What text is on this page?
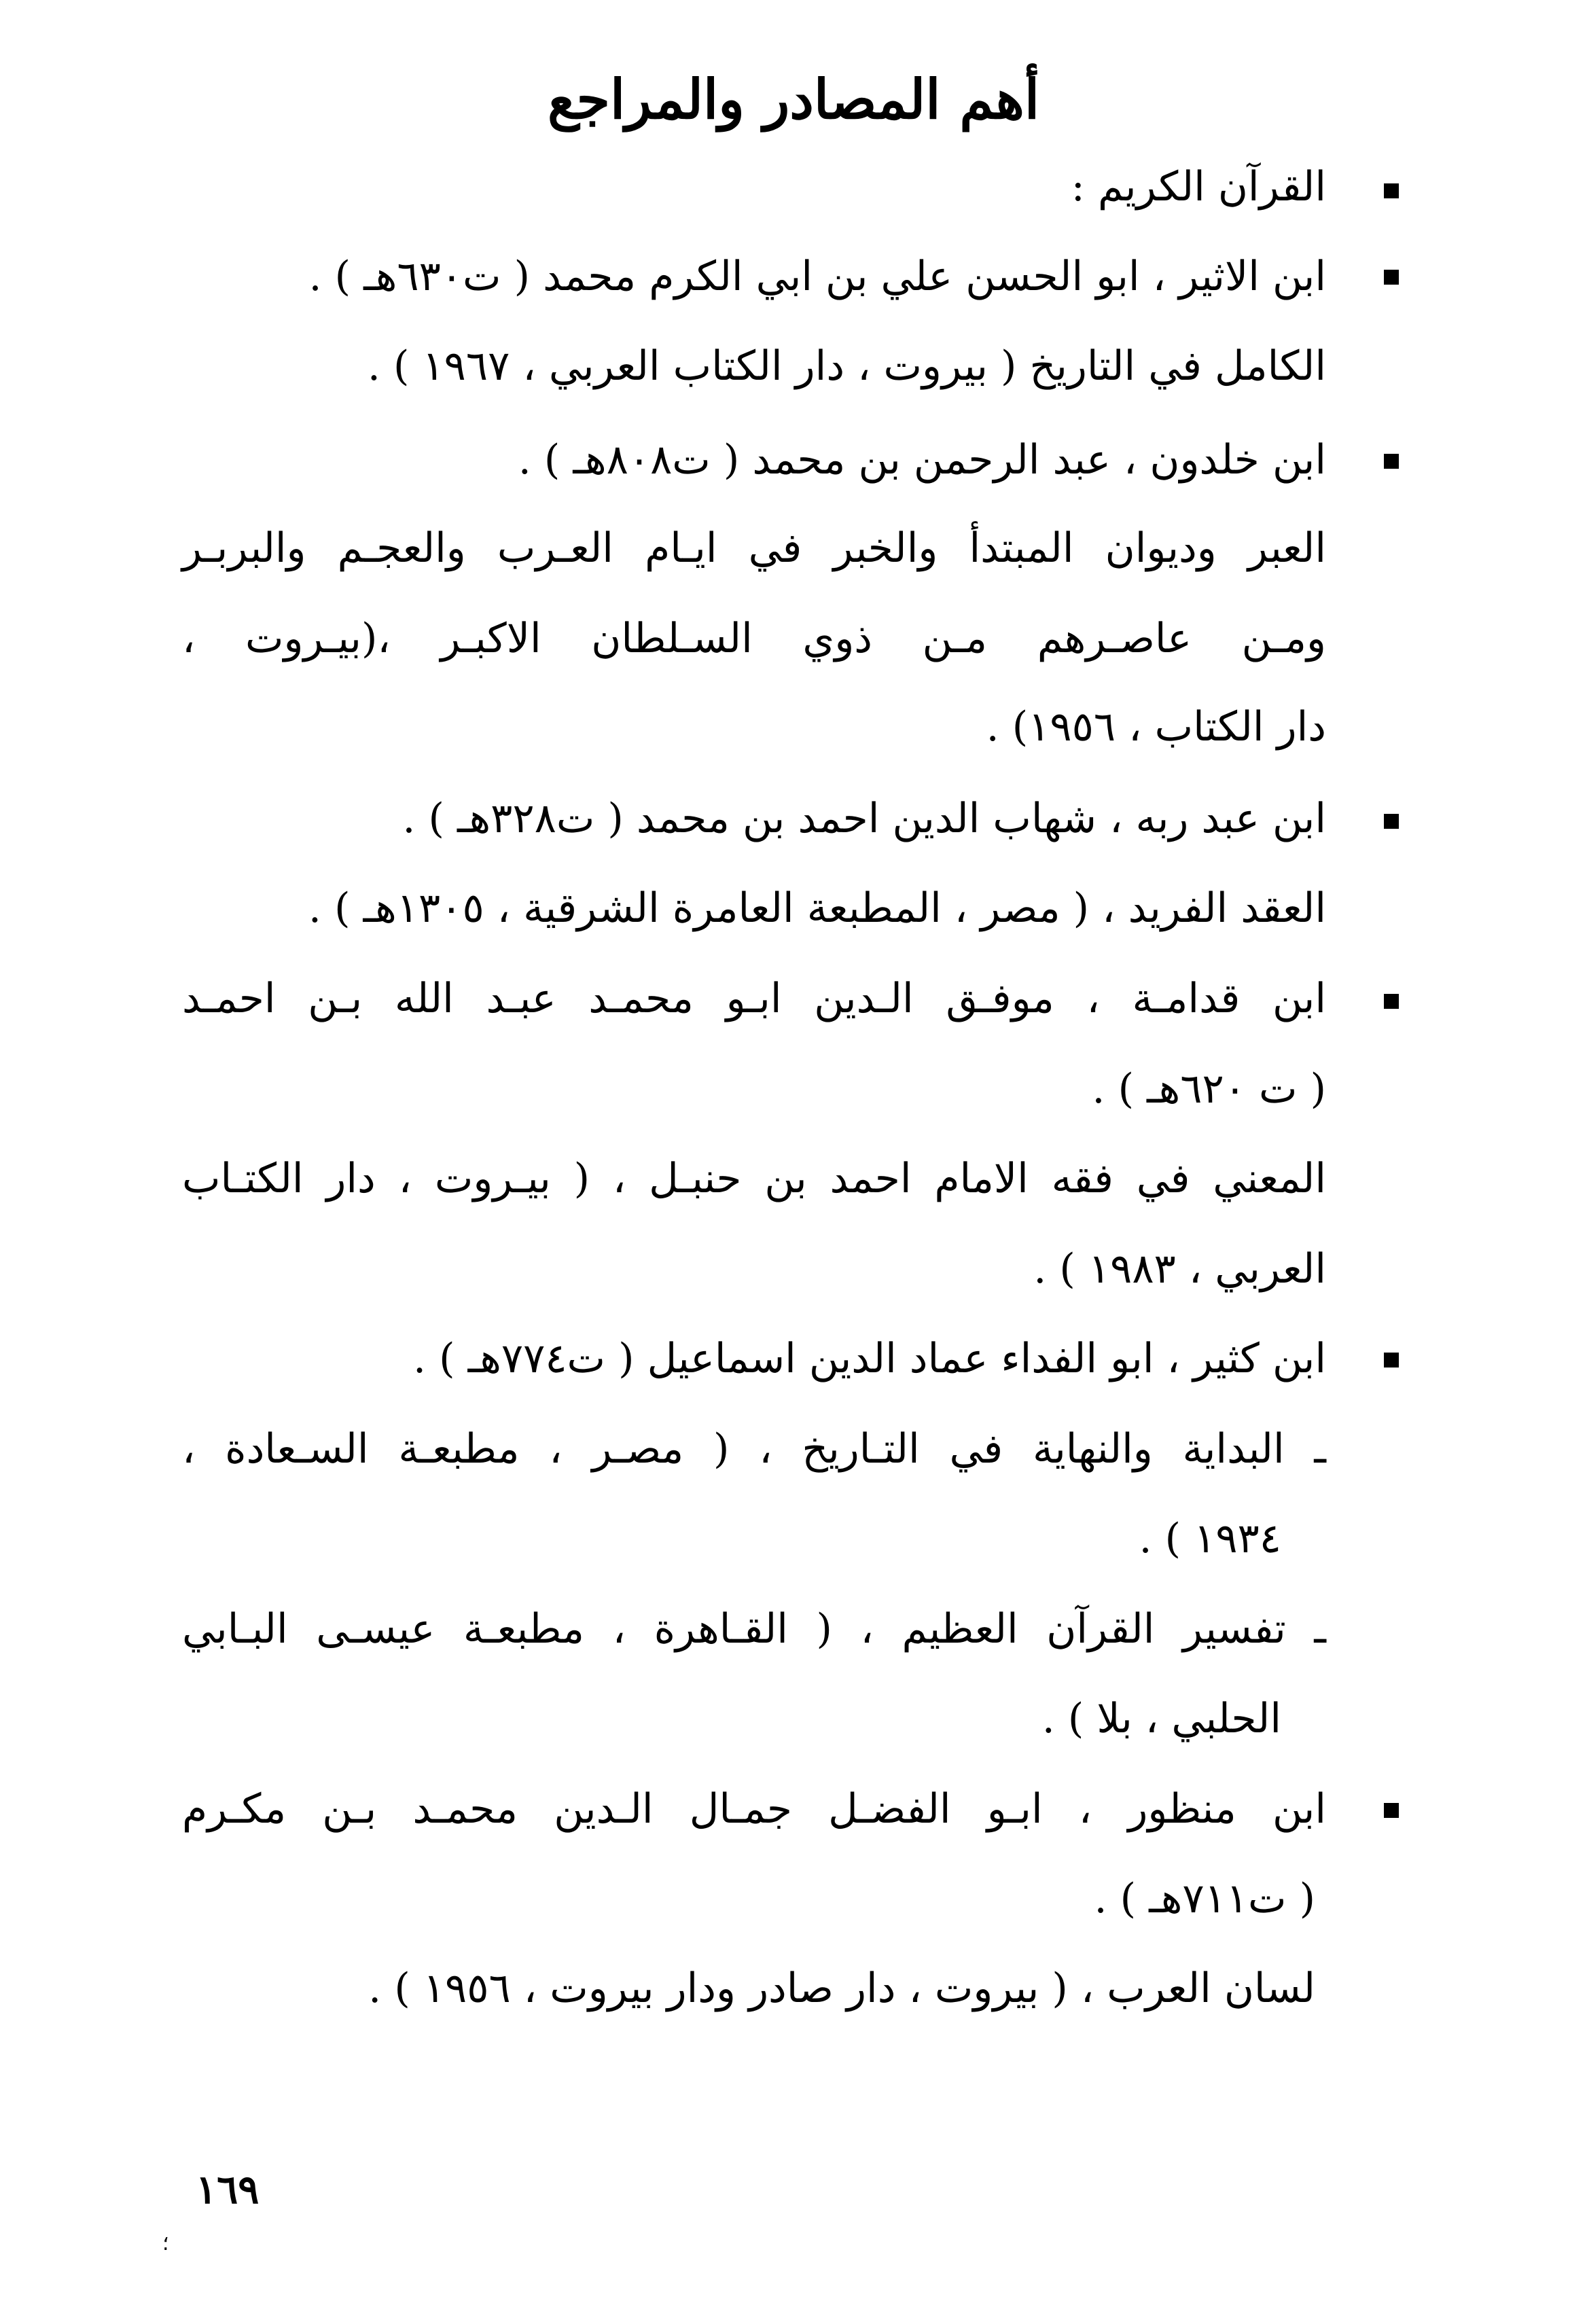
أهم المصادر والمراجع
القرآن الكريم :
ابن الاثير ، ابو الحسن علي بن ابي الكرم محمد ( ت٦٣٠هـ ) .
الكامل في التاريخ ( بيروت ، دار الكتاب العربي ، ١٩٦٧ ) .
ابن خلدون ، عبد الرحمن بن محمد ( ت٨٠٨هـ ) .
العبر وديوان المبتدأ والخبر في ايـام العـرب والعجـم والبربـر
ومـن عاصـرهم مـن ذوي السـلطان الاكبـر ،(بيـروت ،
دار الكتاب ، ١٩٥٦) .
ابن عبد ربه ، شهاب الدين احمد بن محمد ( ت٣٢٨هـ ) .
العقد الفريد ، ( مصر ، المطبعة العامرة الشرقية ، ١٣٠٥هـ ) .
ابن قدامـة ، موفـق الـدين ابـو محمـد عبـد الله بـن احمـد
( ت ٦٢٠هـ ) .
المعني في فقه الامام احمد بن حنبـل ، ( بيـروت ، دار الكتـاب
العربي ، ١٩٨٣ ) .
ابن كثير ، ابو الفداء عماد الدين اسماعيل ( ت٧٧٤هـ ) .
ـ البداية والنهاية في التـاريخ ، ( مصـر ، مطبعـة السـعادة ،
١٩٣٤ ) .
ـ تفسير القرآن العظيم ، ( القـاهرة ، مطبعـة عيسـى البـابي
الحلبي ، بلا ) .
ابن منظور ، ابـو الفضـل جمـال الـدين محمـد بـن مكـرم
( ت٧١١هـ ) .
لسان العرب ، ( بيروت ، دار صادر ودار بيروت ، ١٩٥٦ ) .
١٦٩
؛
